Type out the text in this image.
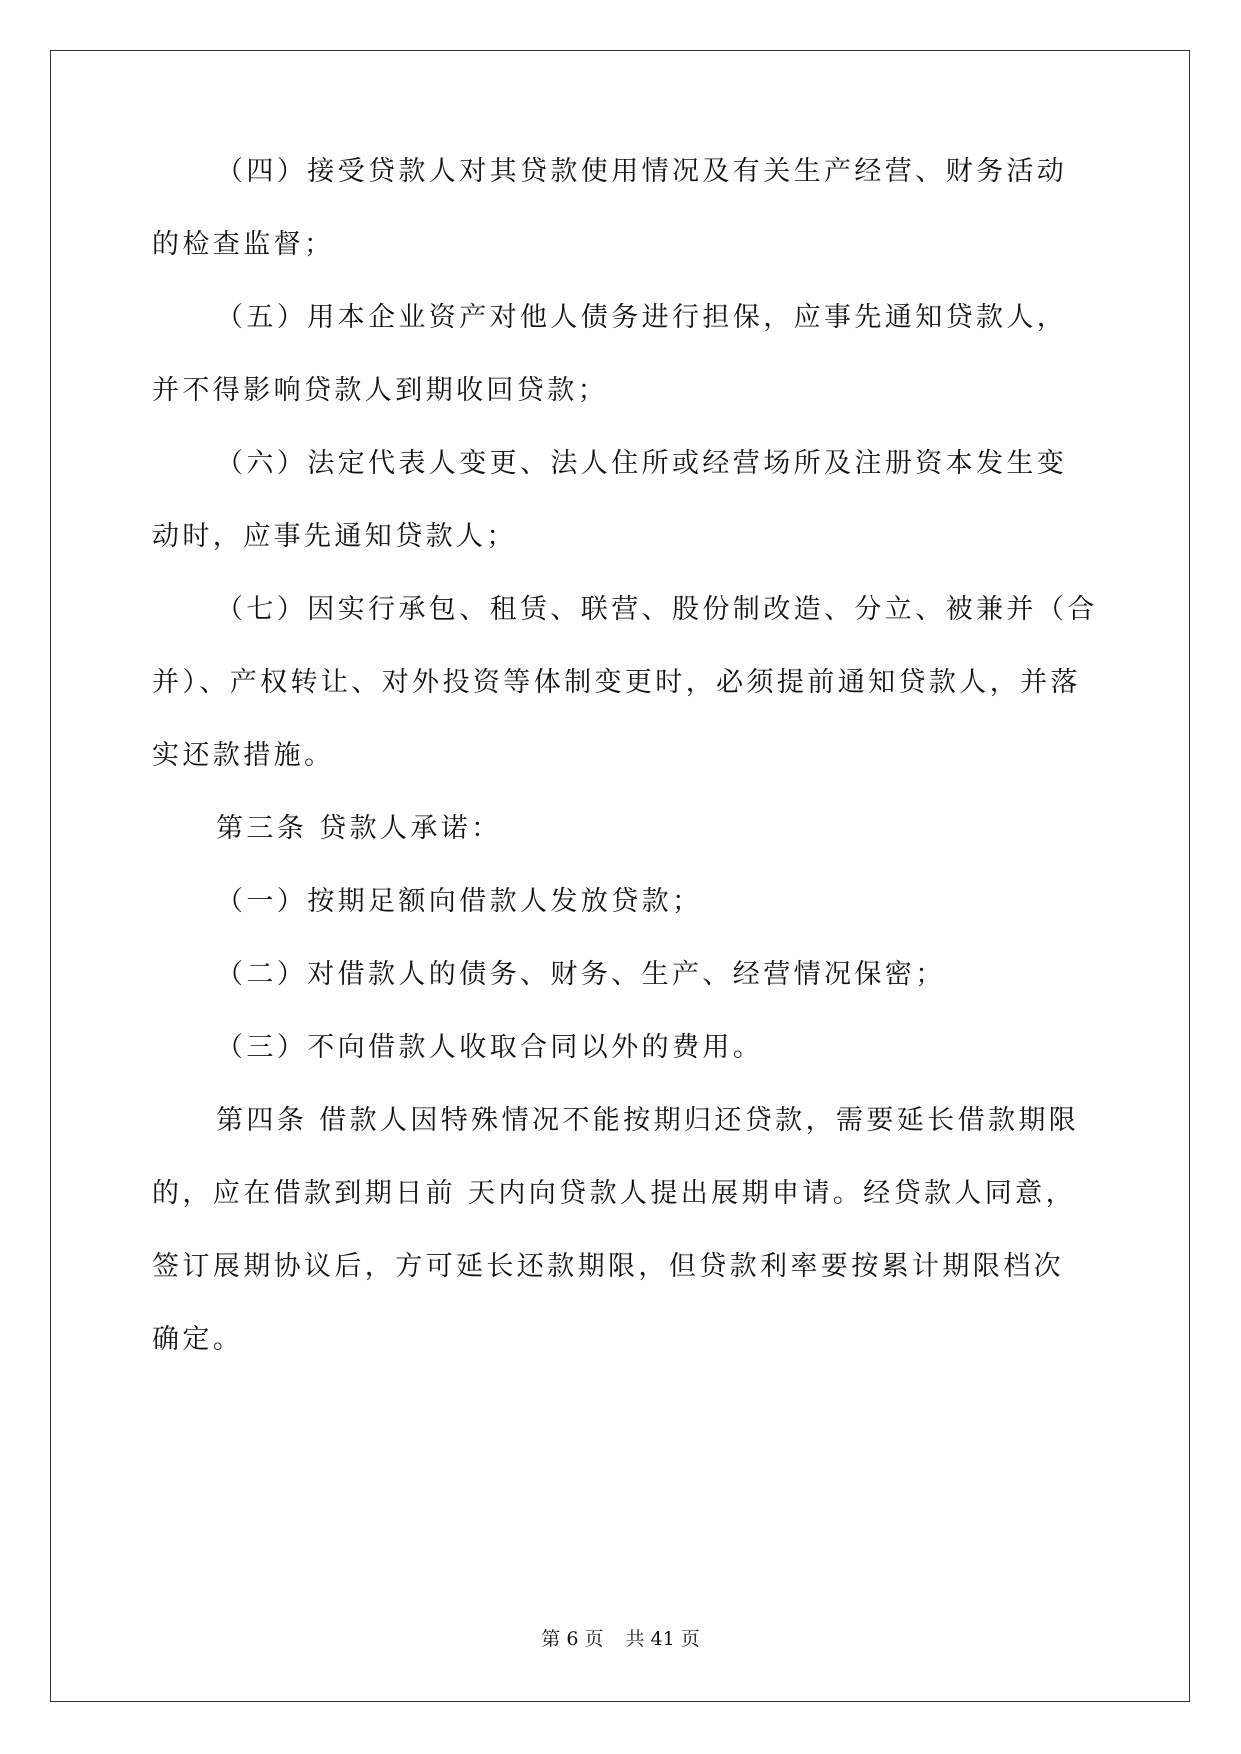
（四）接受贷款人对其贷款使用情况及有关生产经营、财务活动
的检查监督；
（五）用本企业资产对他人债务进行担保，应事先通知贷款人，
并不得影响贷款人到期收回贷款；
（六）法定代表人变更、法人住所或经营场所及注册资本发生变
动时，应事先通知贷款人；
（七）因实行承包、租赁、联营、股份制改造、分立、被兼并（合
并）、产权转让、对外投资等体制变更时，必须提前通知贷款人，并落
实还款措施。
第三条 贷款人承诺：
（一）按期足额向借款人发放贷款；
（二）对借款人的债务、财务、生产、经营情况保密；
（三）不向借款人收取合同以外的费用。
第四条 借款人因特殊情况不能按期归还贷款，需要延长借款期限
的，应在借款到期日前 天内向贷款人提出展期申请。经贷款人同意，
签订展期协议后，方可延长还款期限，但贷款利率要按累计期限档次
确定。
第 6 页 共 41 页
